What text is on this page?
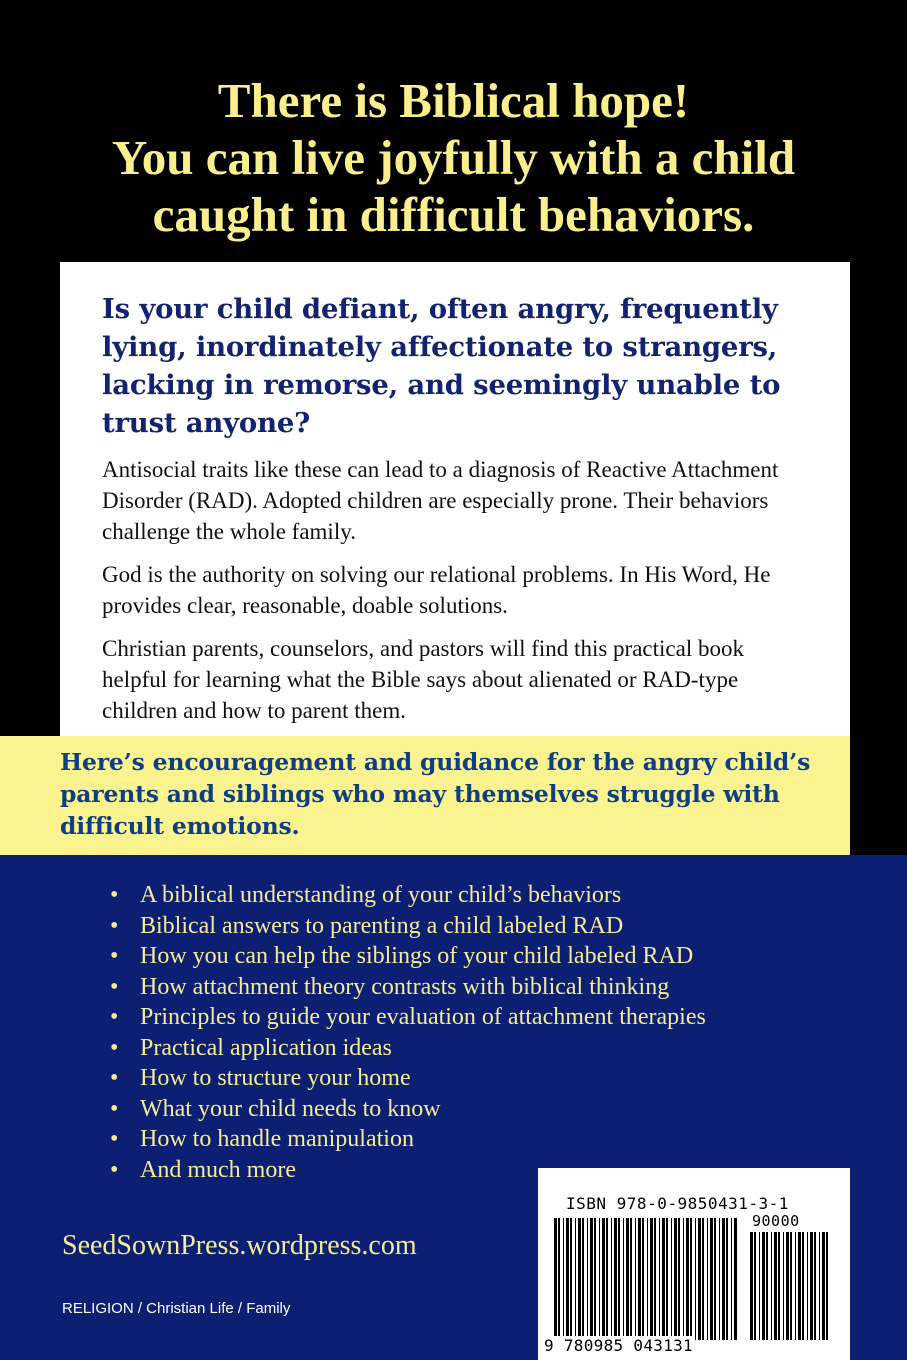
There is Biblical hope!
You can live joyfully with a child
caught in difficult behaviors.

Is your child defiant, often angry, frequently lying, inordinately affectionate to strangers, lacking in remorse, and seemingly unable to trust anyone?

Antisocial traits like these can lead to a diagnosis of Reactive Attachment Disorder (RAD). Adopted children are especially prone. Their behaviors challenge the whole family.

God is the authority on solving our relational problems. In His Word, He provides clear, reasonable, doable solutions.

Christian parents, counselors, and pastors will find this practical book helpful for learning what the Bible says about alienated or RAD-type children and how to parent them.

Here’s encouragement and guidance for the angry child’s parents and siblings who may themselves struggle with difficult emotions.

• A biblical understanding of your child’s behaviors
• Biblical answers to parenting a child labeled RAD
• How you can help the siblings of your child labeled RAD
• How attachment theory contrasts with biblical thinking
• Principles to guide your evaluation of attachment therapies
• Practical application ideas
• How to structure your home
• What your child needs to know
• How to handle manipulation
• And much more
SeedSownPress.wordpress.com
RELIGION / Christian Life / Family
ISBN 978-0-9850431-3-1
90000
9 780985 043131
